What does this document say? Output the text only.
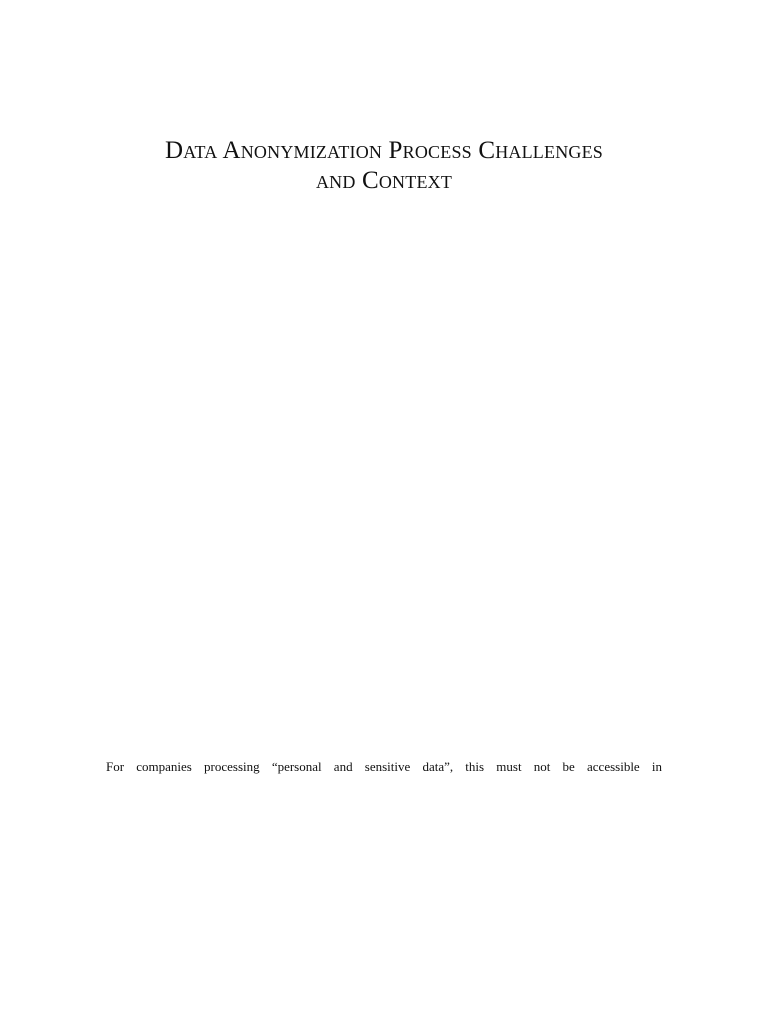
Data Anonymization Process Challenges
and Context

For companies processing “personal and sensitive data”, this must not be accessible in
